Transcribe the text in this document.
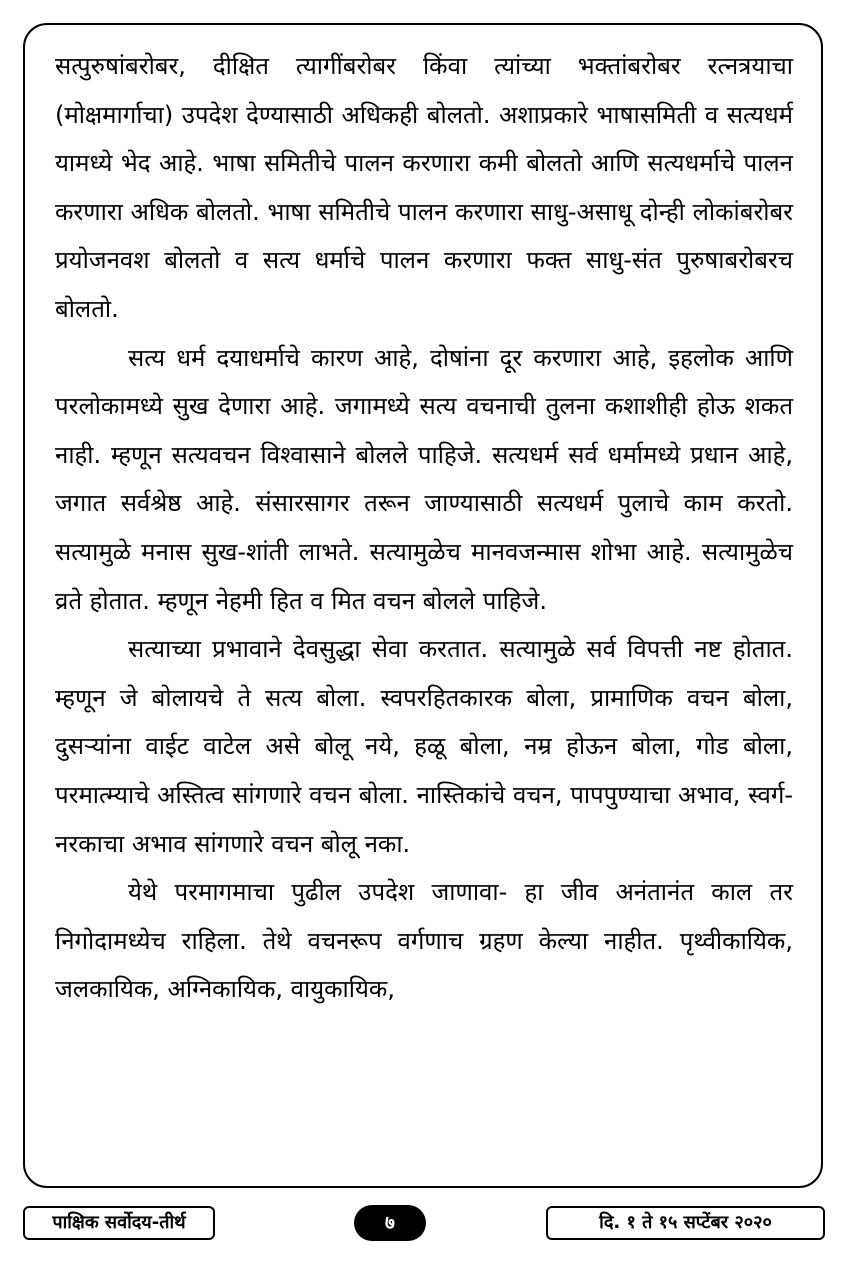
सत्पुरुषांबरोबर, दीक्षित त्यागींबरोबर किंवा त्यांच्या भक्तांबरोबर रत्नत्रयाचा (मोक्षमार्गाचा) उपदेश देण्यासाठी अधिकही बोलतो. अशाप्रकारे भाषासमिती व सत्यधर्म यामध्ये भेद आहे. भाषा समितीचे पालन करणारा कमी बोलतो आणि सत्यधर्माचे पालन करणारा अधिक बोलतो. भाषा समितीचे पालन करणारा साधु-असाधू दोन्ही लोकांबरोबर प्रयोजनवश बोलतो व सत्य धर्माचे पालन करणारा फक्त साधु-संत पुरुषाबरोबरच बोलतो.

सत्य धर्म दयाधर्माचे कारण आहे, दोषांना दूर करणारा आहे, इहलोक आणि परलोकामध्ये सुख देणारा आहे. जगामध्ये सत्य वचनाची तुलना कशाशीही होऊ शकत नाही. म्हणून सत्यवचन विश्वासाने बोलले पाहिजे. सत्यधर्म सर्व धर्मामध्ये प्रधान आहे, जगात सर्वश्रेष्ठ आहे. संसारसागर तरून जाण्यासाठी सत्यधर्म पुलाचे काम करतो. सत्यामुळे मनास सुख-शांती लाभते. सत्यामुळेच मानवजन्मास शोभा आहे. सत्यामुळेच व्रते होतात. म्हणून नेहमी हित व मित वचन बोलले पाहिजे.

सत्याच्या प्रभावाने देवसुद्धा सेवा करतात. सत्यामुळे सर्व विपत्ती नष्ट होतात. म्हणून जे बोलायचे ते सत्य बोला. स्वपरहितकारक बोला, प्रामाणिक वचन बोला, दुसऱ्यांना वाईट वाटेल असे बोलू नये, हळू बोला, नम्र होऊन बोला, गोड बोला, परमात्म्याचे अस्तित्व सांगणारे वचन बोला. नास्तिकांचे वचन, पापपुण्याचा अभाव, स्वर्ग-नरकाचा अभाव सांगणारे वचन बोलू नका.

येथे परमागमाचा पुढील उपदेश जाणावा- हा जीव अनंतानंत काल तर निगोदामध्येच राहिला. तेथे वचनरूप वर्गणाच ग्रहण केल्या नाहीत. पृथ्वीकायिक, जलकायिक, अग्निकायिक, वायुकायिक,

पाक्षिक सर्वोदय-तीर्थ	७	दि. १ ते १५ सप्टेंबर २०२०
